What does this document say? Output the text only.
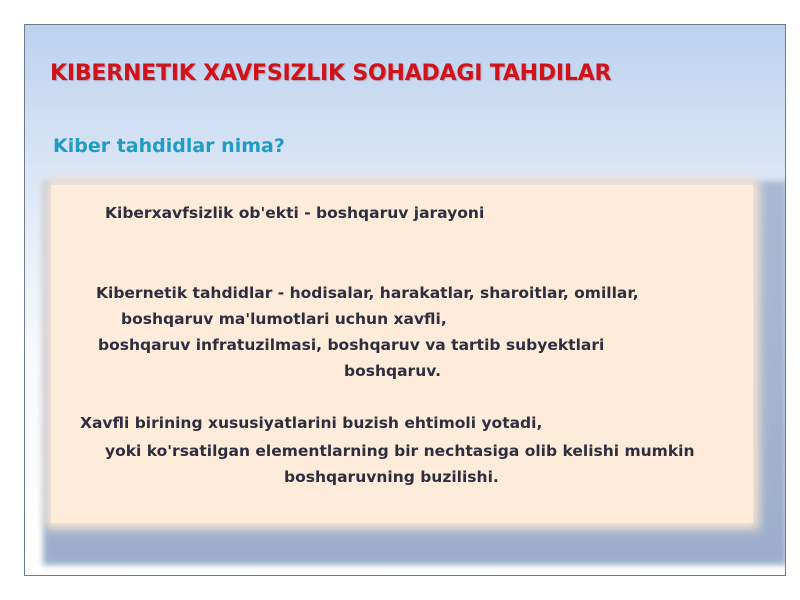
KIBERNETIK XAVFSIZLIK SOHADAGI TAHDILAR
Kiber tahdidlar nima?

Kiberxavfsizlik ob'ekti - boshqaruv jarayoni

Kibernetik tahdidlar - hodisalar, harakatlar, sharoitlar, omillar,

boshqaruv ma'lumotlari uchun xavfli,

boshqaruv infratuzilmasi, boshqaruv va tartib subyektlari

boshqaruv.

Xavfli birining xususiyatlarini buzish ehtimoli yotadi,

yoki ko'rsatilgan elementlarning bir nechtasiga olib kelishi mumkin

boshqaruvning buzilishi.
